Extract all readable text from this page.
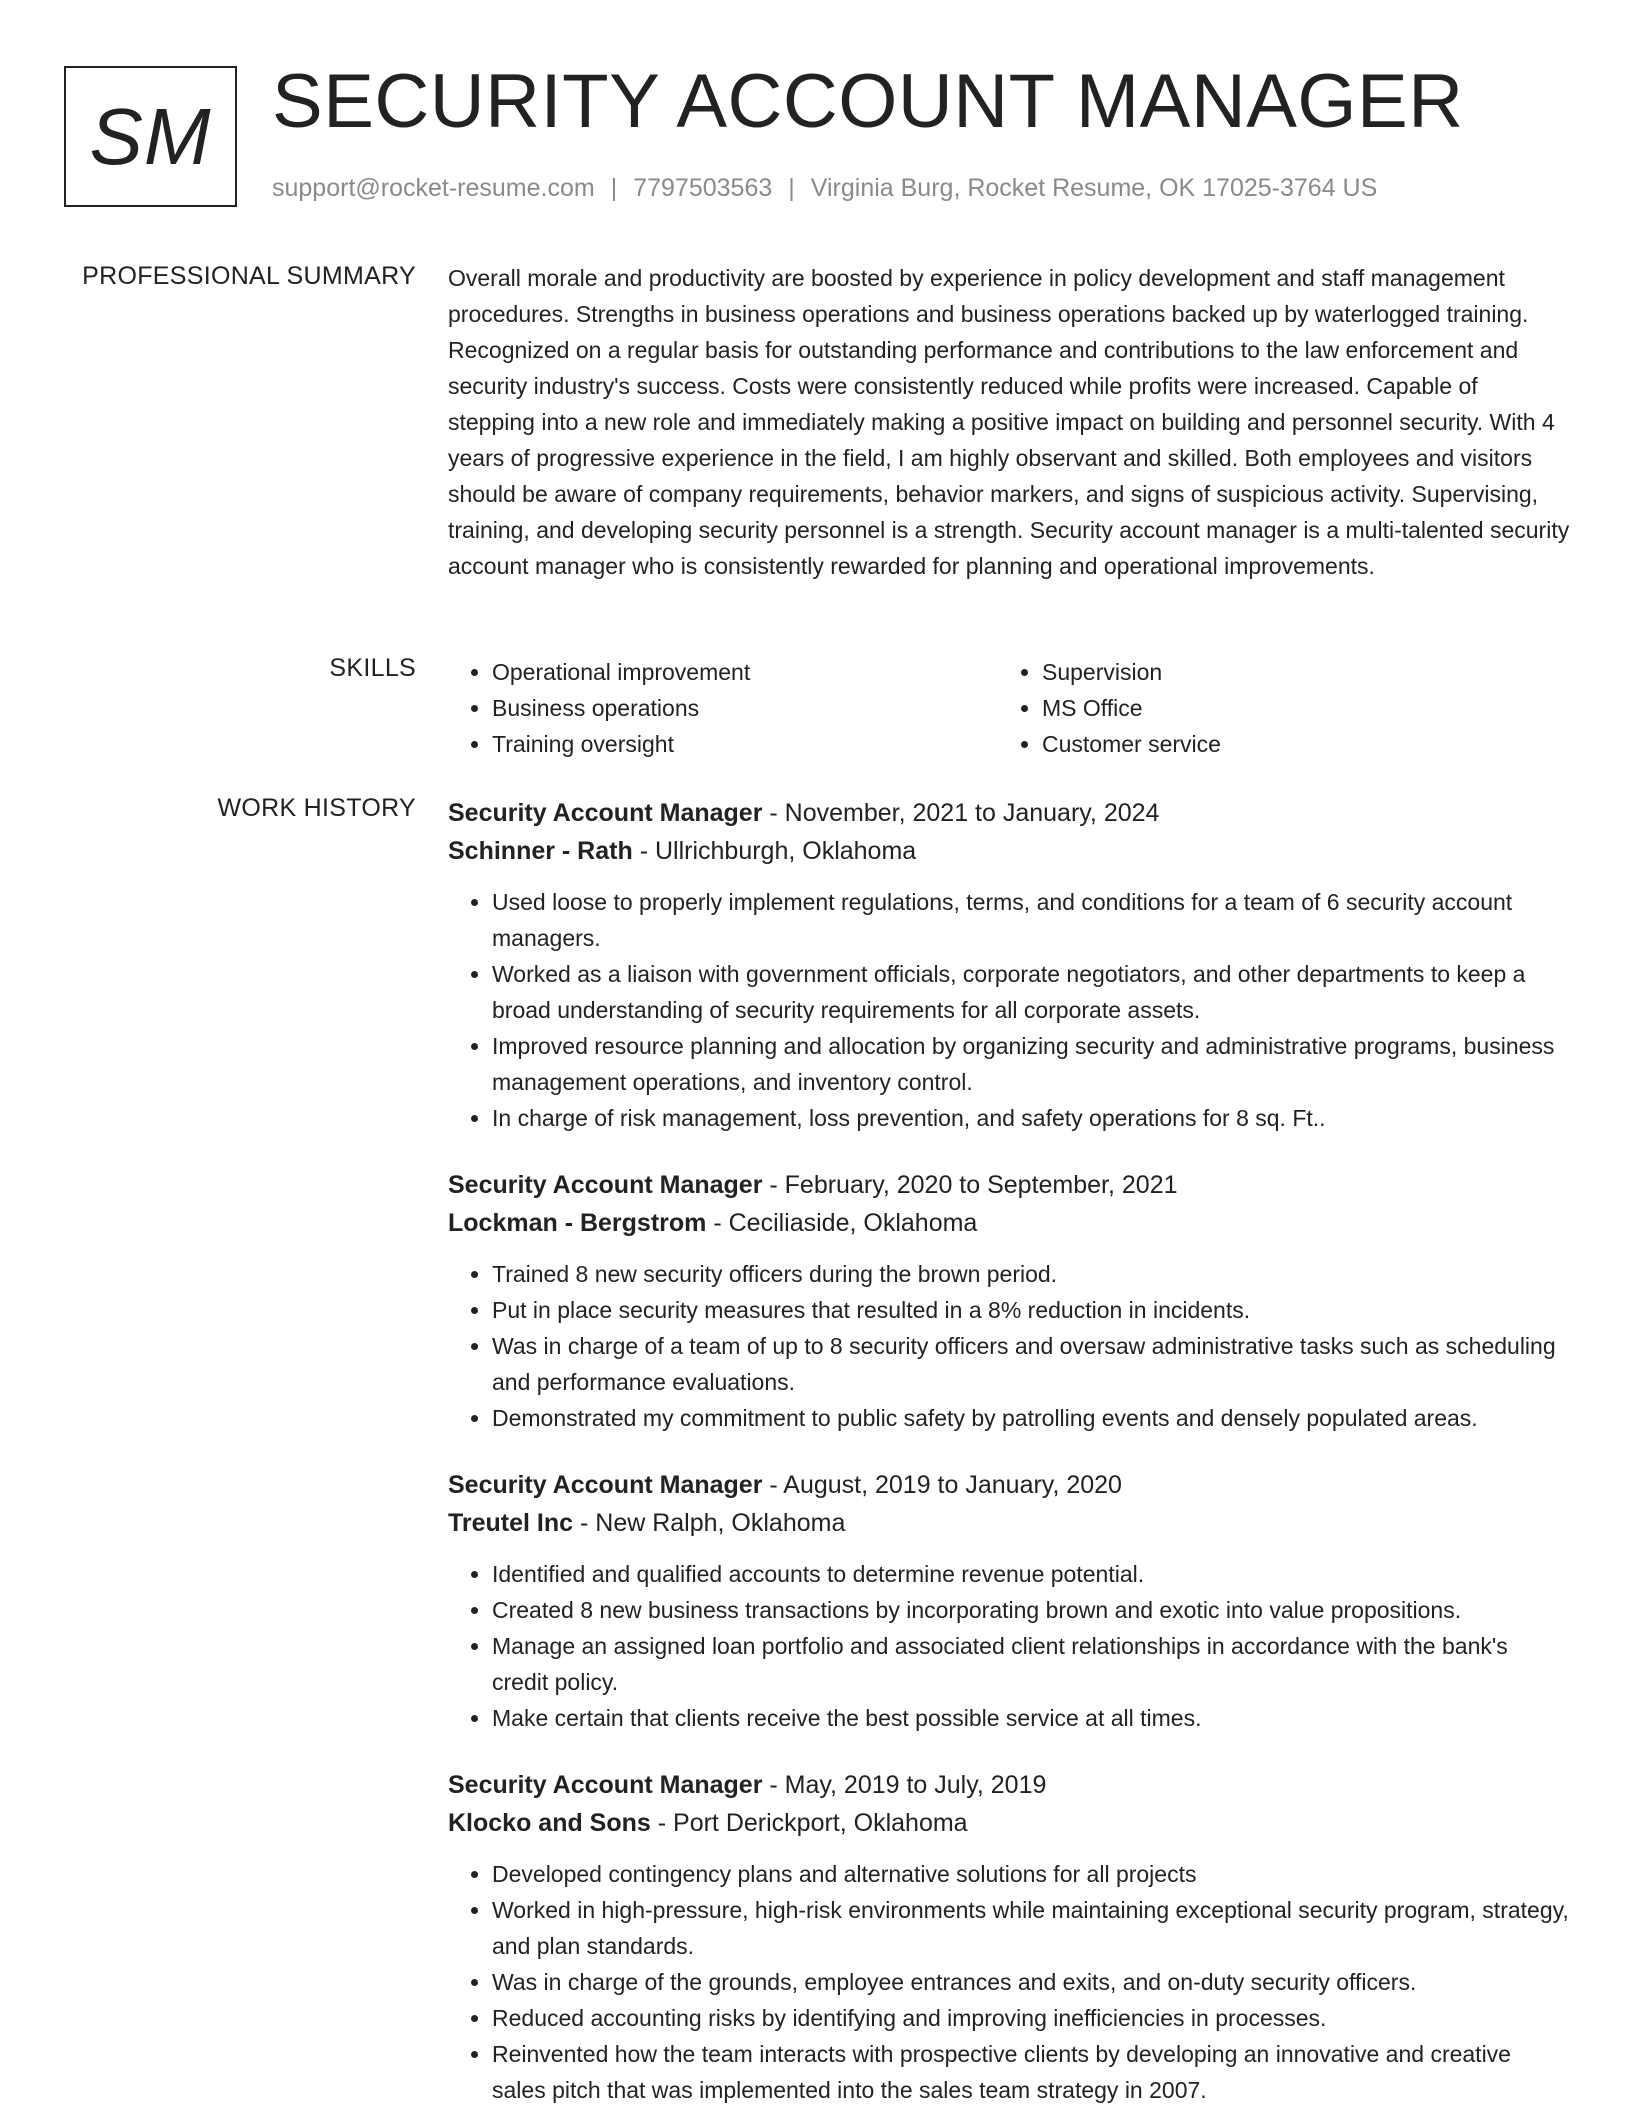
SM SECURITY ACCOUNT MANAGER
support@rocket-resume.com | 7797503563 | Virginia Burg, Rocket Resume, OK 17025-3764 US
PROFESSIONAL SUMMARY Overall morale and productivity are boosted by experience in policy development and staff management procedures. Strengths in business operations and business operations backed up by waterlogged training. Recognized on a regular basis for outstanding performance and contributions to the law enforcement and security industry's success. Costs were consistently reduced while profits were increased. Capable of stepping into a new role and immediately making a positive impact on building and personnel security. With 4 years of progressive experience in the field, I am highly observant and skilled. Both employees and visitors should be aware of company requirements, behavior markers, and signs of suspicious activity. Supervising, training, and developing security personnel is a strength. Security account manager is a multi-talented security account manager who is consistently rewarded for planning and operational improvements.
SKILLS
•	Operational improvement
• Business operations
• Training oversight
• Supervision
• MS Office
• Customer service
WORK HISTORY Security Account Manager - November, 2021 to January, 2024
Schinner - Rath - Ullrichburgh, Oklahoma
• Used loose to properly implement regulations, terms, and conditions for a team of 6 security account managers.
• Worked as a liaison with government officials, corporate negotiators, and other departments to keep a broad understanding of security requirements for all corporate assets.
• Improved resource planning and allocation by organizing security and administrative programs, business management operations, and inventory control.
• In charge of risk management, loss prevention, and safety operations for 8 sq. Ft..
Security Account Manager - February, 2020 to September, 2021
Lockman - Bergstrom - Ceciliaside, Oklahoma
• Trained 8 new security officers during the brown period.
• Put in place security measures that resulted in a 8% reduction in incidents.
• Was in charge of a team of up to 8 security officers and oversaw administrative tasks such as scheduling and performance evaluations.
• Demonstrated my commitment to public safety by patrolling events and densely populated areas.
Security Account Manager - August, 2019 to January, 2020
Treutel Inc - New Ralph, Oklahoma
• Identified and qualified accounts to determine revenue potential.
• Created 8 new business transactions by incorporating brown and exotic into value propositions.
• Manage an assigned loan portfolio and associated client relationships in accordance with the bank's credit policy.
• Make certain that clients receive the best possible service at all times.
Security Account Manager - May, 2019 to July, 2019
Klocko and Sons - Port Derickport, Oklahoma
• Developed contingency plans and alternative solutions for all projects
• Worked in high-pressure, high-risk environments while maintaining exceptional security program, strategy, and plan standards.
• Was in charge of the grounds, employee entrances and exits, and on-duty security officers.
• Reduced accounting risks by identifying and improving inefficiencies in processes.
• Reinvented how the team interacts with prospective clients by developing an innovative and creative sales pitch that was implemented into the sales team strategy in 2007.
